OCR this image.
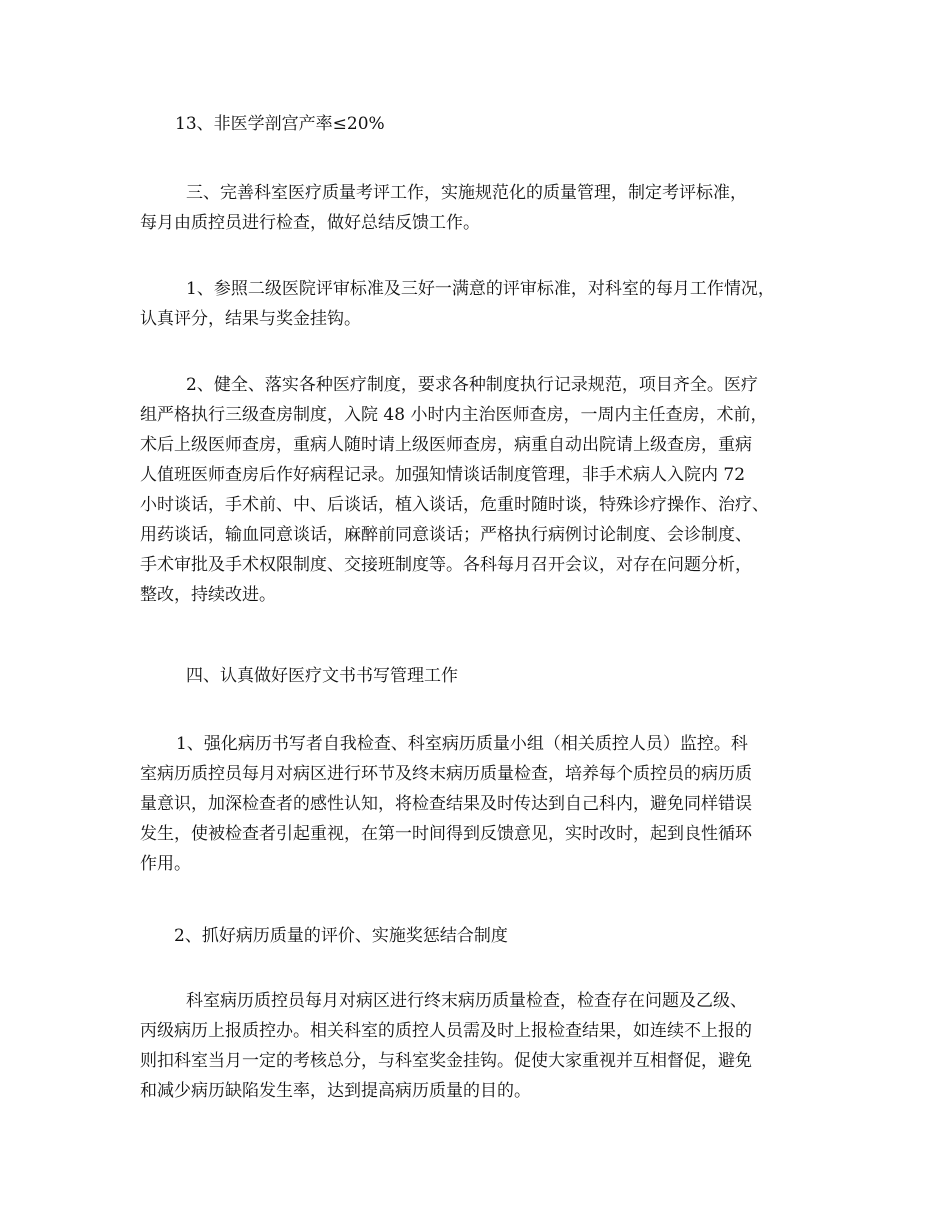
13、非医学剖宫产率≤20%
三、完善科室医疗质量考评工作，实施规范化的质量管理，制定考评标准，
每月由质控员进行检查，做好总结反馈工作。
1、参照二级医院评审标准及三好一满意的评审标准，对科室的每月工作情况，
认真评分，结果与奖金挂钩。
2、健全、落实各种医疗制度，要求各种制度执行记录规范，项目齐全。医疗
组严格执行三级查房制度，入院 48 小时内主治医师查房，一周内主任查房，术前，
术后上级医师查房，重病人随时请上级医师查房，病重自动出院请上级查房，重病
人值班医师查房后作好病程记录。加强知情谈话制度管理，非手术病人入院内 72
小时谈话，手术前、中、后谈话，植入谈话，危重时随时谈，特殊诊疗操作、治疗、
用药谈话，输血同意谈话，麻醉前同意谈话；严格执行病例讨论制度、会诊制度、
手术审批及手术权限制度、交接班制度等。各科每月召开会议，对存在问题分析，
整改，持续改进。
四、认真做好医疗文书书写管理工作
1、强化病历书写者自我检查、科室病历质量小组（相关质控人员）监控。科
室病历质控员每月对病区进行环节及终末病历质量检查，培养每个质控员的病历质
量意识，加深检查者的感性认知，将检查结果及时传达到自己科内，避免同样错误
发生，使被检查者引起重视，在第一时间得到反馈意见，实时改时，起到良性循环
作用。
2、抓好病历质量的评价、实施奖惩结合制度
科室病历质控员每月对病区进行终末病历质量检查，检查存在问题及乙级、
丙级病历上报质控办。相关科室的质控人员需及时上报检查结果，如连续不上报的
则扣科室当月一定的考核总分，与科室奖金挂钩。促使大家重视并互相督促，避免
和减少病历缺陷发生率，达到提高病历质量的目的。
